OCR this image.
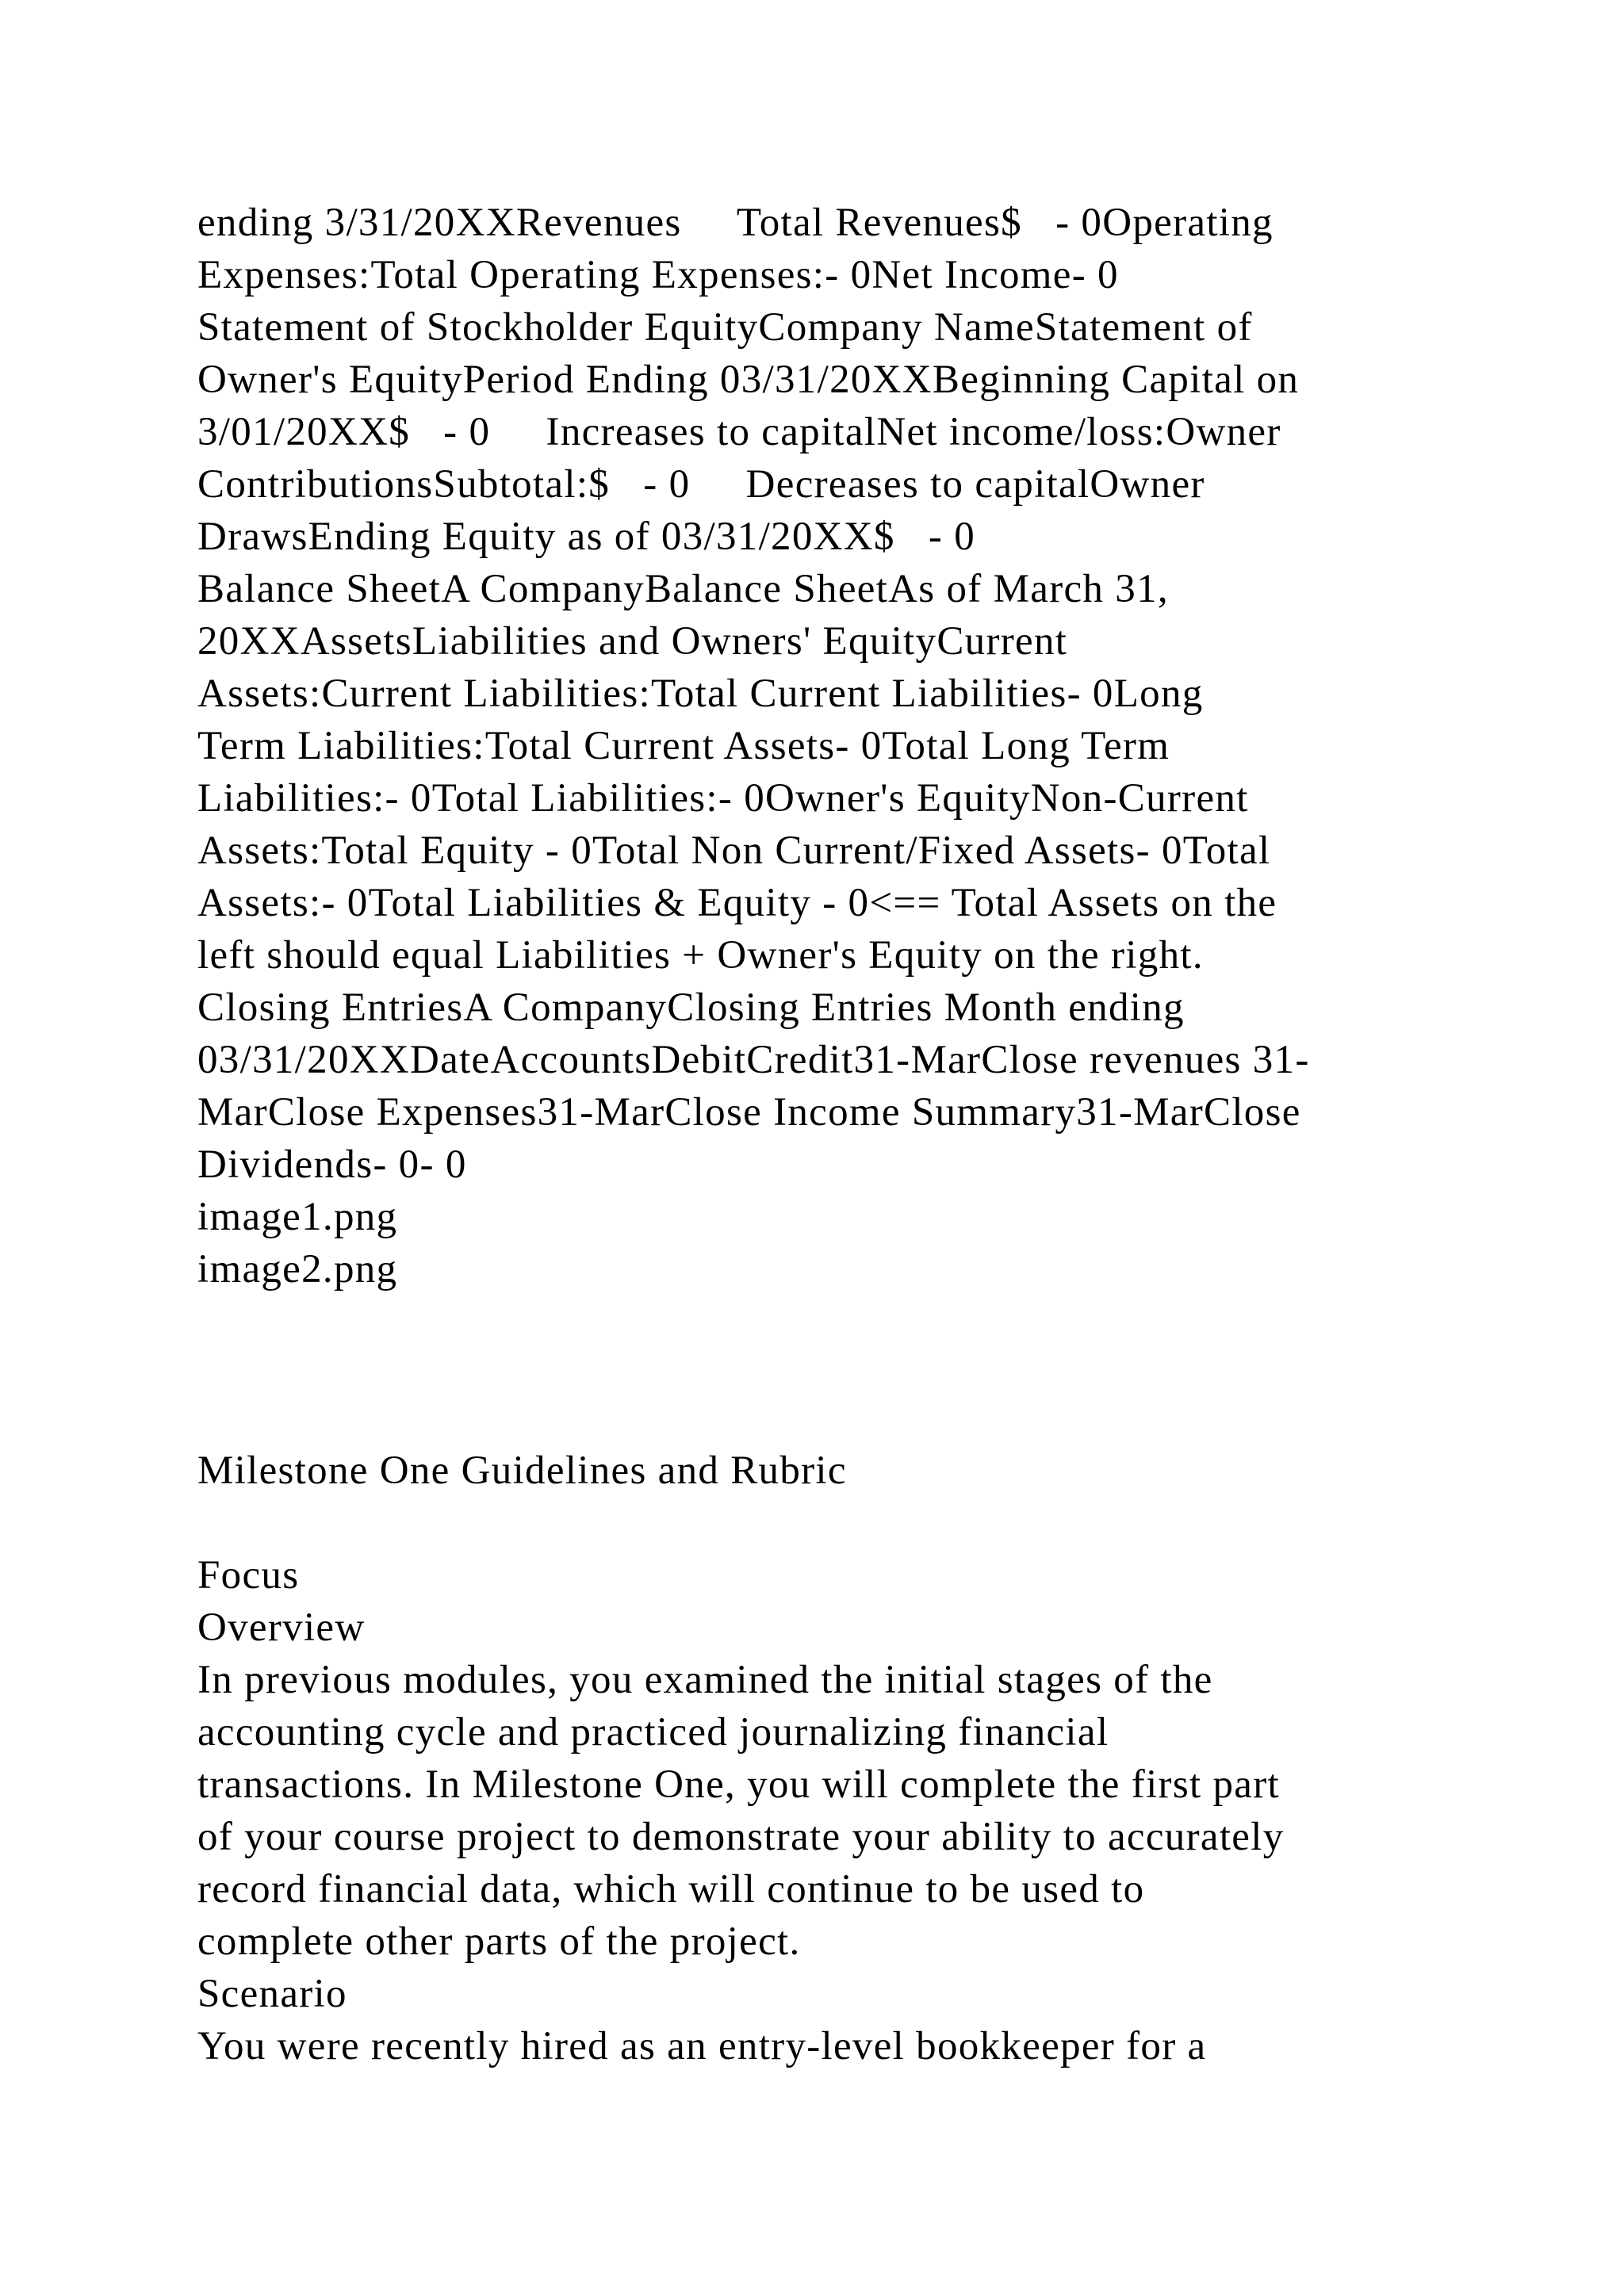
ending 3/31/20XXRevenues     Total Revenues$   - 0Operating
Expenses:Total Operating Expenses:- 0Net Income- 0
Statement of Stockholder EquityCompany NameStatement of
Owner's EquityPeriod Ending 03/31/20XXBeginning Capital on
3/01/20XX$   - 0     Increases to capitalNet income/loss:Owner
ContributionsSubtotal:$   - 0     Decreases to capitalOwner
DrawsEnding Equity as of 03/31/20XX$   - 0
Balance SheetA CompanyBalance SheetAs of March 31,
20XXAssetsLiabilities and Owners' EquityCurrent
Assets:Current Liabilities:Total Current Liabilities- 0Long
Term Liabilities:Total Current Assets- 0Total Long Term
Liabilities:- 0Total Liabilities:- 0Owner's EquityNon-Current
Assets:Total Equity - 0Total Non Current/Fixed Assets- 0Total
Assets:- 0Total Liabilities & Equity - 0<== Total Assets on the
left should equal Liabilities + Owner's Equity on the right.
Closing EntriesA CompanyClosing Entries Month ending
03/31/20XXDateAccountsDebitCredit31-MarClose revenues 31-
MarClose Expenses31-MarClose Income Summary31-MarClose
Dividends- 0- 0
image1.png
image2.png
Milestone One Guidelines and Rubric
Focus
Overview
In previous modules, you examined the initial stages of the
accounting cycle and practiced journalizing financial
transactions. In Milestone One, you will complete the first part
of your course project to demonstrate your ability to accurately
record financial data, which will continue to be used to
complete other parts of the project.
Scenario
You were recently hired as an entry-level bookkeeper for a
